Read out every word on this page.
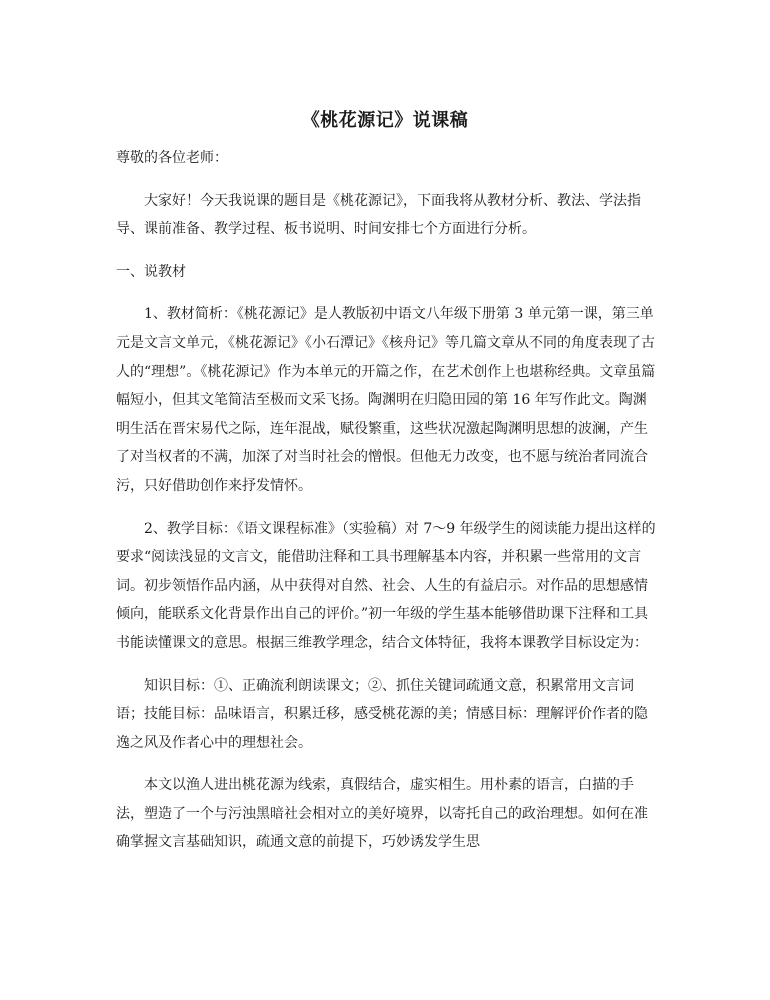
《桃花源记》说课稿

尊敬的各位老师：

大家好！今天我说课的题目是《桃花源记》，下面我将从教材分析、教法、学法指导、课前准备、教学过程、板书说明、时间安排七个方面进行分析。

一、说教材

1、教材简析：《桃花源记》是人教版初中语文八年级下册第 3 单元第一课，第三单元是文言文单元，《桃花源记》《小石潭记》《核舟记》等几篇文章从不同的角度表现了古人的“理想”。《桃花源记》作为本单元的开篇之作，在艺术创作上也堪称经典。文章虽篇幅短小，但其文笔简洁至极而文采飞扬。陶渊明在归隐田园的第 16 年写作此文。陶渊明生活在晋宋易代之际，连年混战，赋役繁重，这些状况激起陶渊明思想的波澜，产生了对当权者的不满，加深了对当时社会的憎恨。但他无力改变，也不愿与统治者同流合污，只好借助创作来抒发情怀。

2、教学目标：《语文课程标准》（实验稿）对 7～9 年级学生的阅读能力提出这样的要求“阅读浅显的文言文，能借助注释和工具书理解基本内容，并积累一些常用的文言词。初步领悟作品内涵，从中获得对自然、社会、人生的有益启示。对作品的思想感情倾向，能联系文化背景作出自己的评价。”初一年级的学生基本能够借助课下注释和工具书能读懂课文的意思。根据三维教学理念，结合文体特征，我将本课教学目标设定为：

知识目标：①、正确流利朗读课文；②、抓住关键词疏通文意，积累常用文言词语；技能目标：品味语言，积累迁移，感受桃花源的美；情感目标：理解评价作者的隐逸之风及作者心中的理想社会。

本文以渔人进出桃花源为线索，真假结合，虚实相生。用朴素的语言，白描的手法，塑造了一个与污浊黑暗社会相对立的美好境界，以寄托自己的政治理想。如何在准确掌握文言基础知识，疏通文意的前提下，巧妙诱发学生思
